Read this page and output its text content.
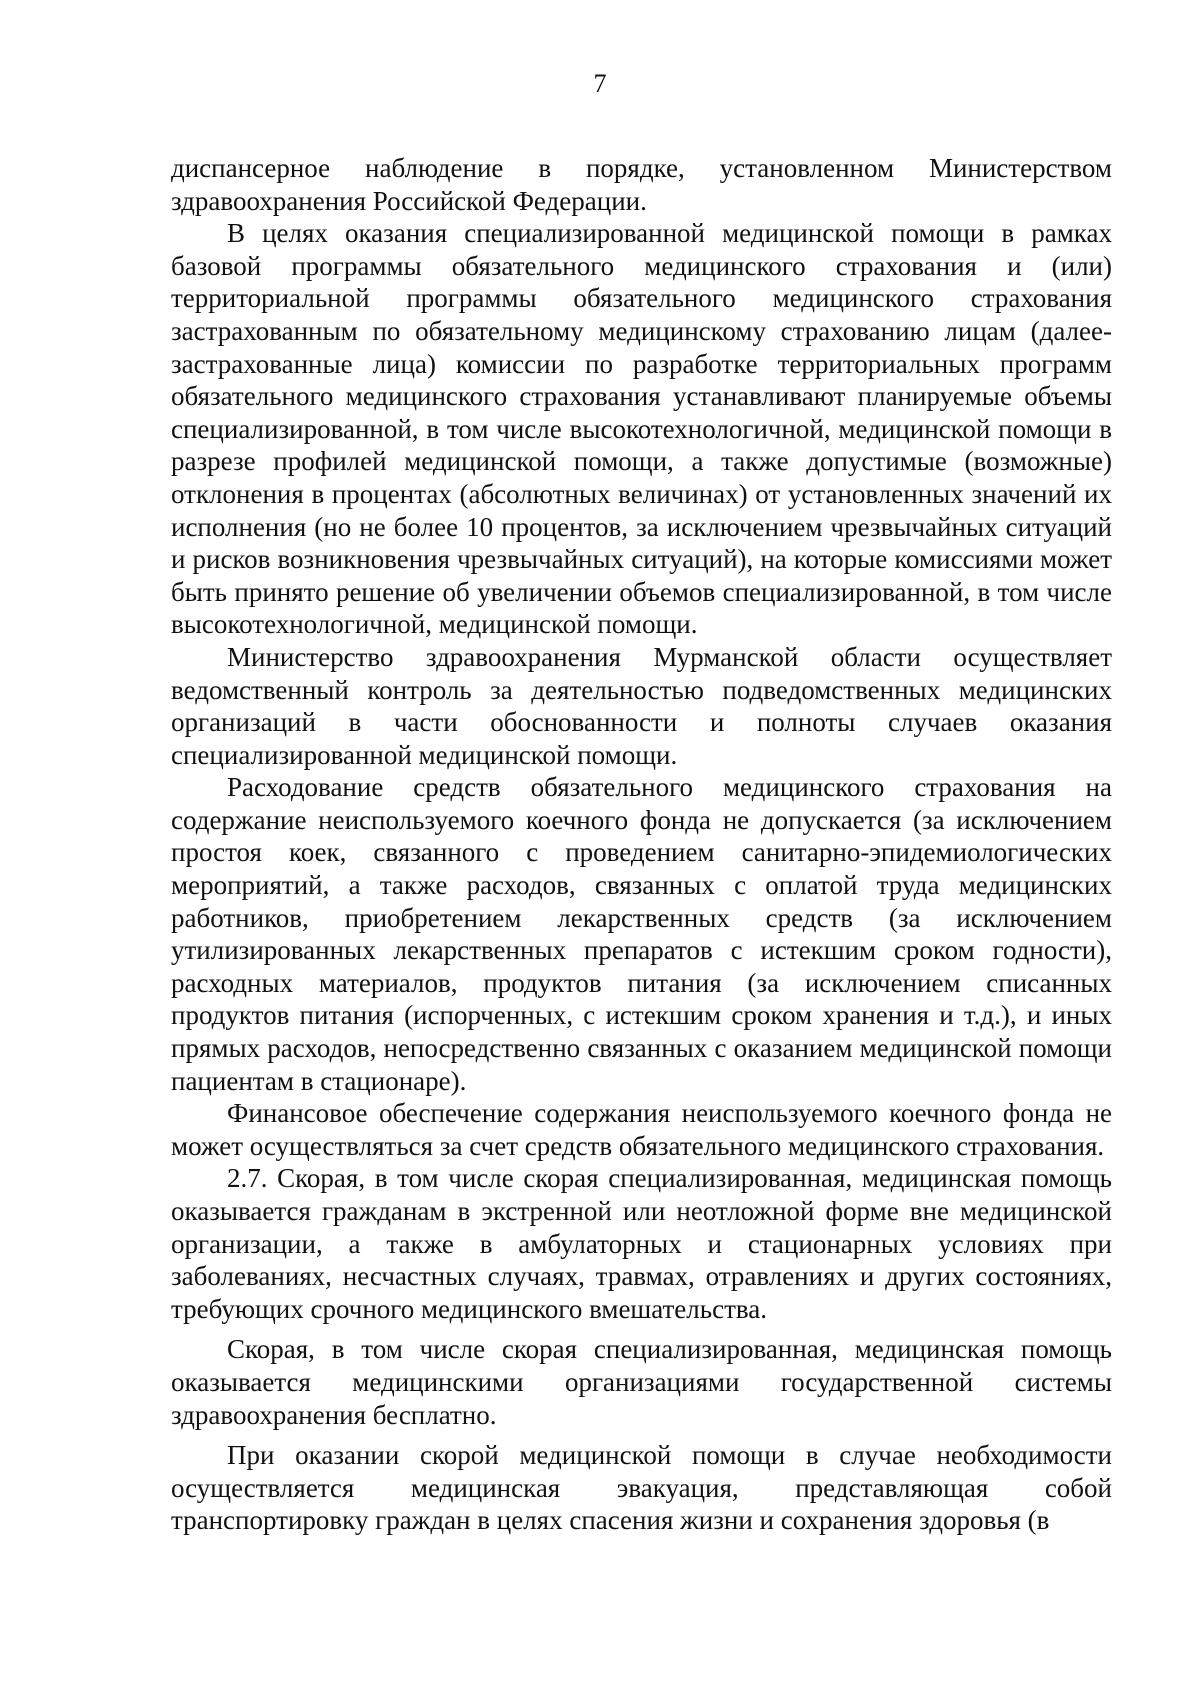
7

диспансерное наблюдение в порядке, установленном Министерством здравоохранения Российской Федерации.

В целях оказания специализированной медицинской помощи в рамках базовой программы обязательного медицинского страхования и (или) территориальной программы обязательного медицинского страхования застрахованным по обязательному медицинскому страхованию лицам (далее- застрахованные лица) комиссии по разработке территориальных программ обязательного медицинского страхования устанавливают планируемые объемы специализированной, в том числе высокотехнологичной, медицинской помощи в разрезе профилей медицинской помощи, а также допустимые (возможные) отклонения в процентах (абсолютных величинах) от установленных значений их исполнения (но не более 10 процентов, за исключением чрезвычайных ситуаций и рисков возникновения чрезвычайных ситуаций), на которые комиссиями может быть принято решение об увеличении объемов специализированной, в том числе высокотехнологичной, медицинской помощи.

Министерство здравоохранения Мурманской области осуществляет ведомственный контроль за деятельностью подведомственных медицинских организаций в части обоснованности и полноты случаев оказания специализированной медицинской помощи.

Расходование средств обязательного медицинского страхования на содержание неиспользуемого коечного фонда не допускается (за исключением простоя коек, связанного с проведением санитарно-эпидемиологических мероприятий, а также расходов, связанных с оплатой труда медицинских работников, приобретением лекарственных средств (за исключением утилизированных лекарственных препаратов с истекшим сроком годности), расходных материалов, продуктов питания (за исключением списанных продуктов питания (испорченных, с истекшим сроком хранения и т.д.), и иных прямых расходов, непосредственно связанных с оказанием медицинской помощи пациентам в стационаре).

Финансовое обеспечение содержания неиспользуемого коечного фонда не может осуществляться за счет средств обязательного медицинского страхования.

2.7. Скорая, в том числе скорая специализированная, медицинская помощь оказывается гражданам в экстренной или неотложной форме вне медицинской организации, а также в амбулаторных и стационарных условиях при заболеваниях, несчастных случаях, травмах, отравлениях и других состояниях, требующих срочного медицинского вмешательства.

Скорая, в том числе скорая специализированная, медицинская помощь оказывается медицинскими организациями государственной системы здравоохранения бесплатно.

При оказании скорой медицинской помощи в случае необходимости осуществляется медицинская эвакуация, представляющая собой транспортировку граждан в целях спасения жизни и сохранения здоровья (в
